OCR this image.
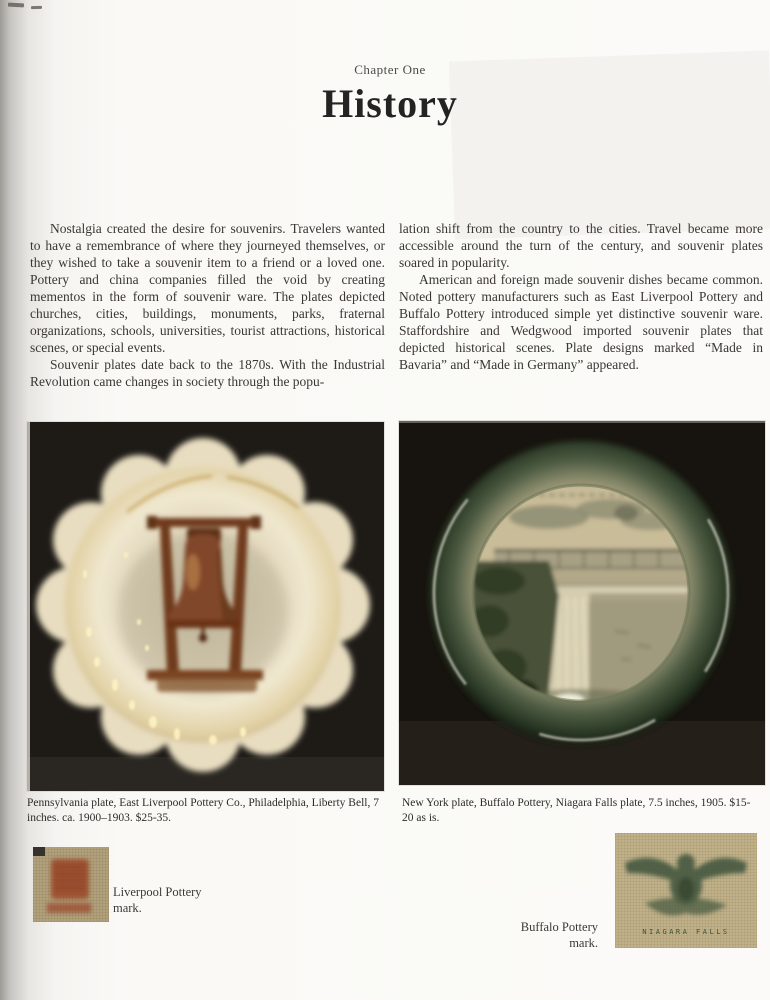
Chapter One
History

Nostalgia created the desire for souvenirs. Travelers wanted to have a remembrance of where they journeyed themselves, or they wished to take a souvenir item to a friend or a loved one. Pottery and china companies filled the void by creating mementos in the form of souvenir ware. The plates depicted churches, cities, buildings, monuments, parks, fraternal organizations, schools, universities, tourist attractions, historical scenes, or special events.

Souvenir plates date back to the 1870s. With the Industrial Revolution came changes in society through the popu-

lation shift from the country to the cities. Travel became more accessible around the turn of the century, and souvenir plates soared in popularity.

American and foreign made souvenir dishes became common. Noted pottery manufacturers such as East Liverpool Pottery and Buffalo Pottery introduced simple yet distinctive souvenir ware. Staffordshire and Wedgwood imported souvenir plates that depicted historical scenes. Plate designs marked “Made in Bavaria” and “Made in Germany” appeared.

Pennsylvania plate, East Liverpool Pottery Co., Philadelphia, Liberty Bell, 7 inches. ca. 1900–1903. $25-35.
New York plate, Buffalo Pottery, Niagara Falls plate, 7.5 inches, 1905. $15-20 as is.
Liverpool Pottery
mark.
Buffalo Pottery
mark.
NIAGARA FALLS
